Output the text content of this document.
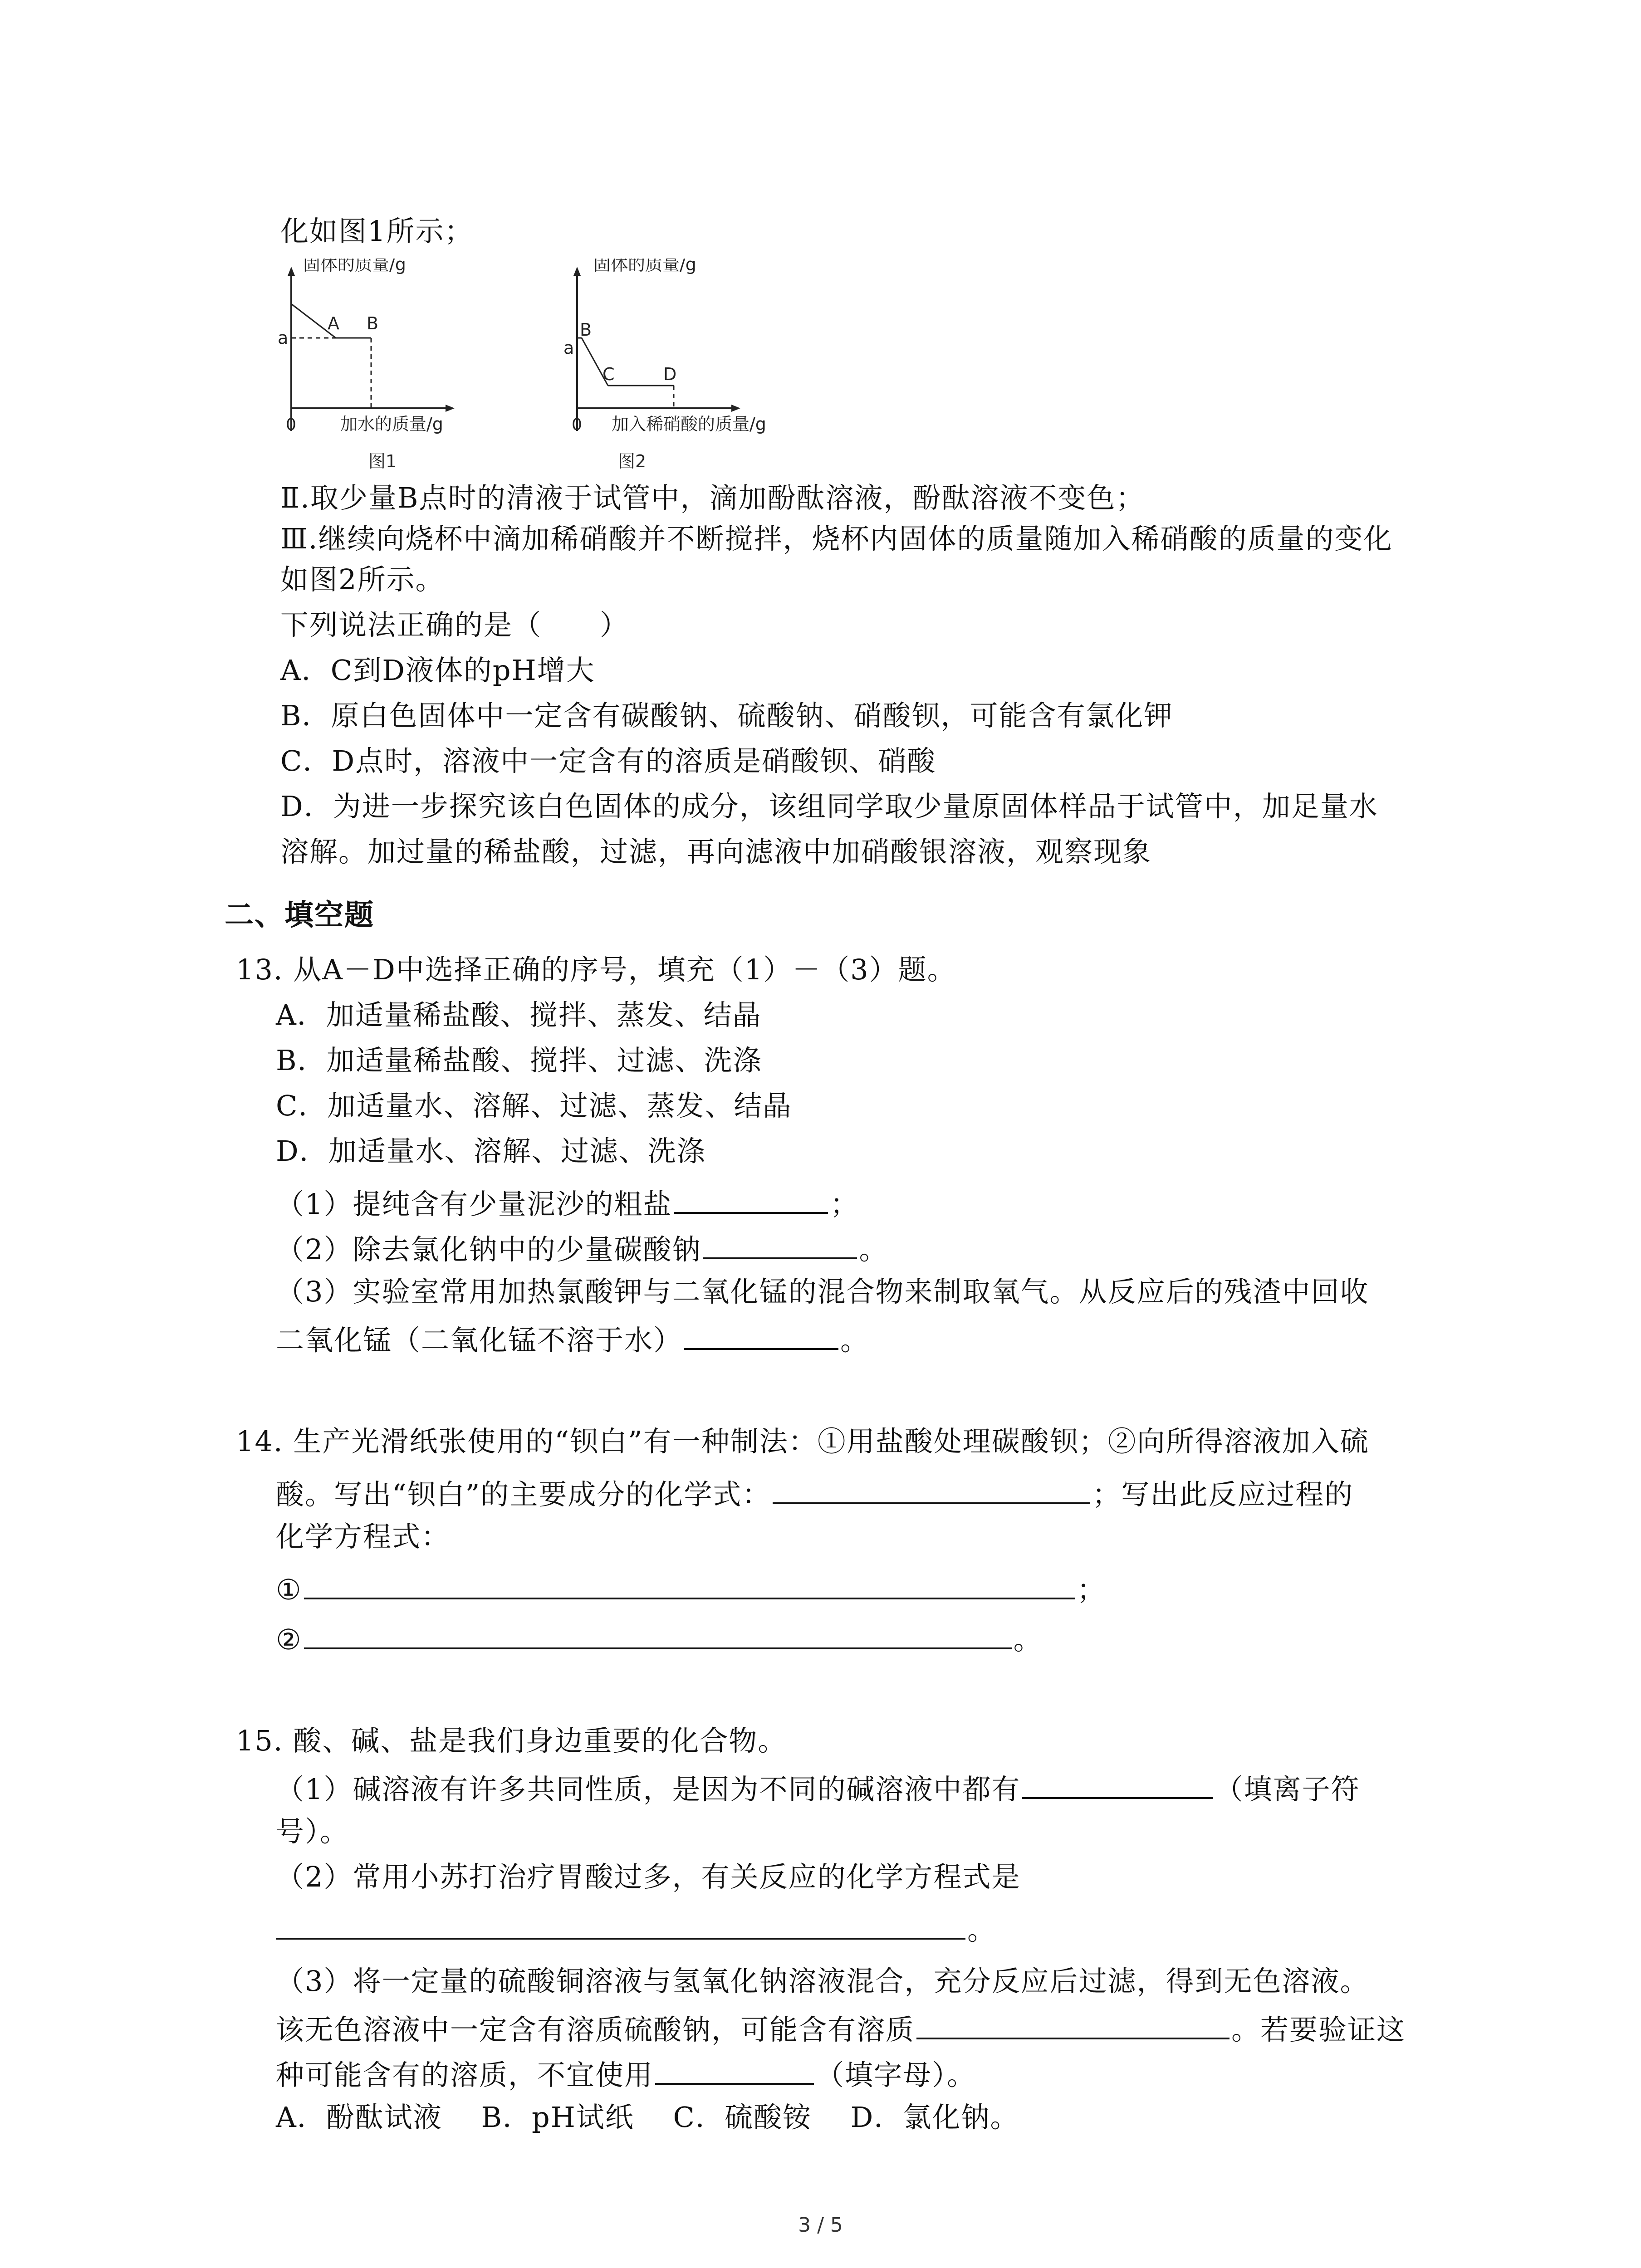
化如图1所示；
固体的质量/g
a
A B
0	加水的质量/g
图1
固体的质量/g
a
B
C	D
0 加入稀硝酸的质量/g
图2
Ⅱ.取少量B点时的清液于试管中，滴加酚酞溶液，酚酞溶液不变色；
Ⅲ.继续向烧杯中滴加稀硝酸并不断搅拌，烧杯内固体的质量随加入稀硝酸的质量的变化
如图2所示。
下列说法正确的是（　　）
A．C到D液体的pH增大
B．原白色固体中一定含有碳酸钠、硫酸钠、硝酸钡，可能含有氯化钾
C．D点时，溶液中一定含有的溶质是硝酸钡、硝酸
D．为进一步探究该白色固体的成分，该组同学取少量原固体样品于试管中，加足量水
溶解。加过量的稀盐酸，过滤，再向滤液中加硝酸银溶液，观察现象
二、填空题
13. 从A－D中选择正确的序号，填充（1）－（3）题。
A．加适量稀盐酸、搅拌、蒸发、结晶
B．加适量稀盐酸、搅拌、过滤、洗涤
C．加适量水、溶解、过滤、蒸发、结晶
D．加适量水、溶解、过滤、洗涤
（1）提纯含有少量泥沙的粗盐	；
（2）除去氯化钠中的少量碳酸钠	。
（3）实验室常用加热氯酸钾与二氧化锰的混合物来制取氧气。从反应后的残渣中回收
二氧化锰（二氧化锰不溶于水）	。
14. 生产光滑纸张使用的“钡白”有一种制法：①用盐酸处理碳酸钡；②向所得溶液加入硫
酸。写出“钡白”的主要成分的化学式：	；写出此反应过程的
化学方程式：
①	；
②	。
15. 酸、碱、盐是我们身边重要的化合物。
（1）碱溶液有许多共同性质，是因为不同的碱溶液中都有	（填离子符
号）。
（2）常用小苏打治疗胃酸过多，有关反应的化学方程式是
。
（3）将一定量的硫酸铜溶液与氢氧化钠溶液混合，充分反应后过滤，得到无色溶液。
该无色溶液中一定含有溶质硫酸钠，可能含有溶质	。若要验证这
种可能含有的溶质，不宜使用	（填字母）。
A．酚酞试液　 B．pH试纸　 C．硫酸铵　 D．氯化钠。
3 / 5
